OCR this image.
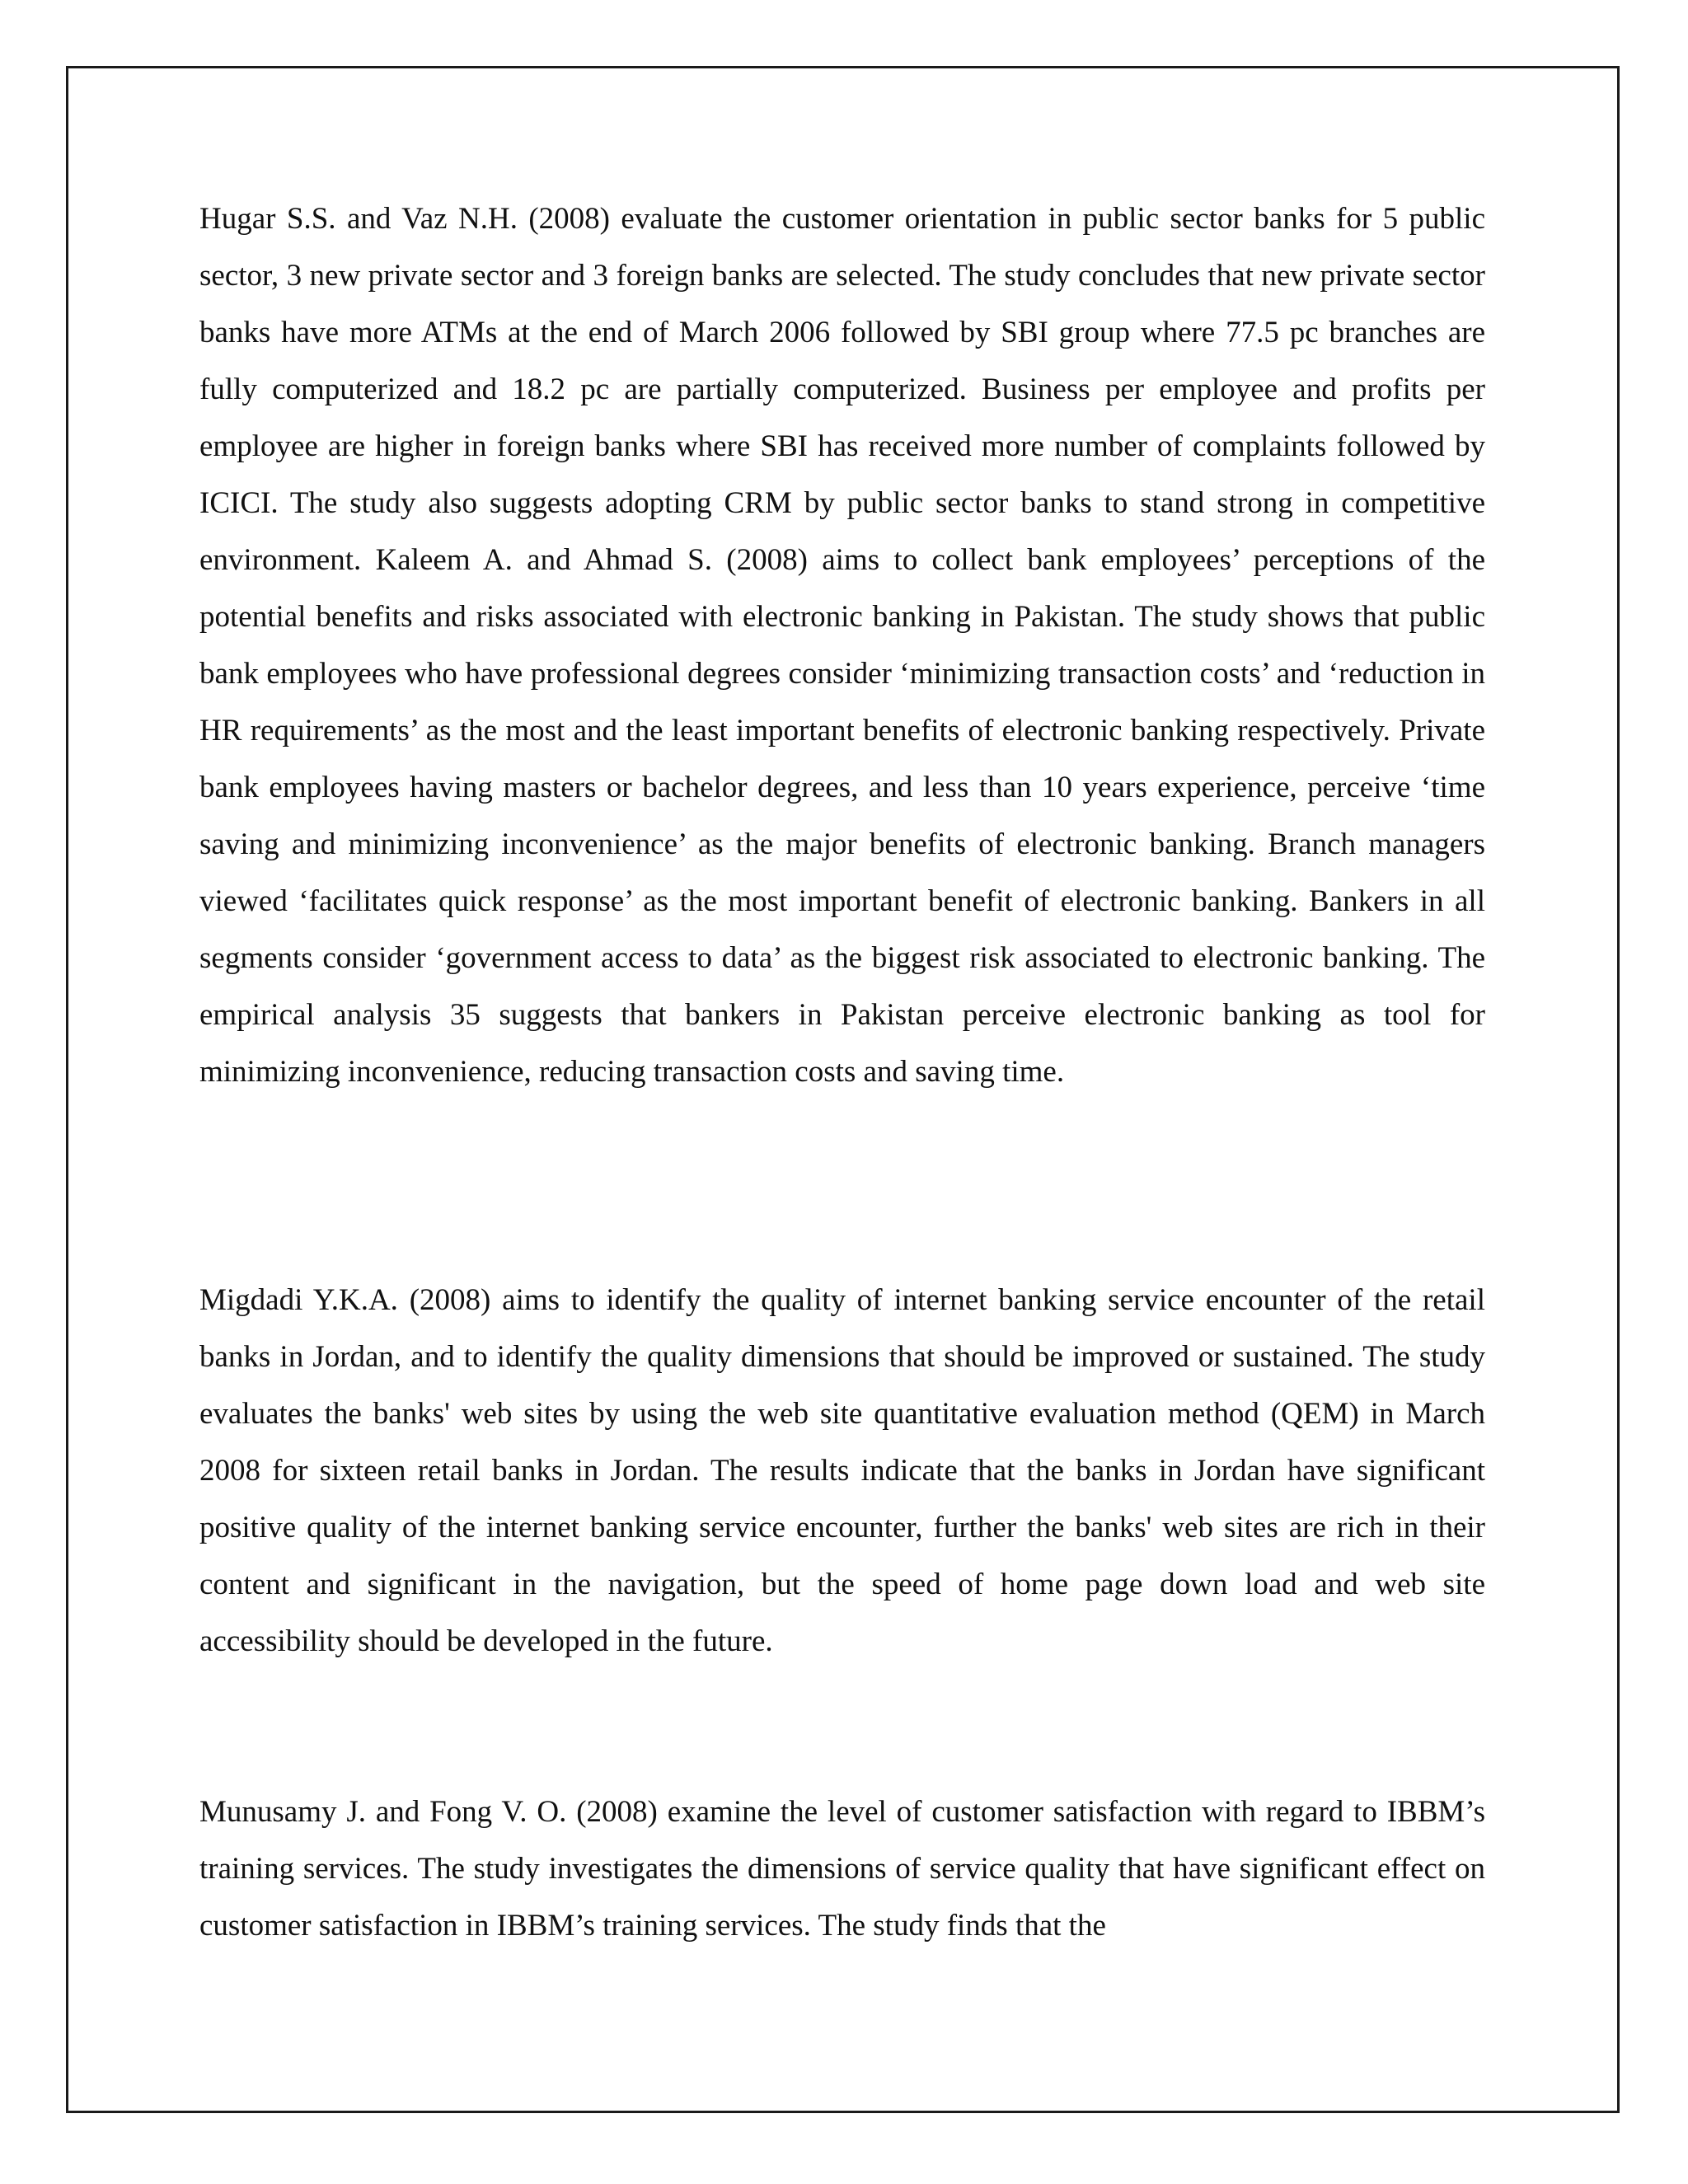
Hugar S.S. and Vaz N.H. (2008) evaluate the customer orientation in public sector banks for 5 public sector, 3 new private sector and 3 foreign banks are selected. The study concludes that new private sector banks have more ATMs at the end of March 2006 followed by SBI group where 77.5 pc branches are fully computerized and 18.2 pc are partially computerized. Business per employee and profits per employee are higher in foreign banks where SBI has received more number of complaints followed by ICICI. The study also suggests adopting CRM by public sector banks to stand strong in competitive environment. Kaleem A. and Ahmad S. (2008) aims to collect bank employees’ perceptions of the potential benefits and risks associated with electronic banking in Pakistan. The study shows that public bank employees who have professional degrees consider ‘minimizing transaction costs’ and ‘reduction in HR requirements’ as the most and the least important benefits of electronic banking respectively. Private bank employees having masters or bachelor degrees, and less than 10 years experience, perceive ‘time saving and minimizing inconvenience’ as the major benefits of electronic banking. Branch managers viewed ‘facilitates quick response’ as the most important benefit of electronic banking. Bankers in all segments consider ‘government access to data’ as the biggest risk associated to electronic banking. The empirical analysis 35 suggests that bankers in Pakistan perceive electronic banking as tool for minimizing inconvenience, reducing transaction costs and saving time.

Migdadi Y.K.A. (2008) aims to identify the quality of internet banking service encounter of the retail banks in Jordan, and to identify the quality dimensions that should be improved or sustained. The study evaluates the banks' web sites by using the web site quantitative evaluation method (QEM) in March 2008 for sixteen retail banks in Jordan. The results indicate that the banks in Jordan have significant positive quality of the internet banking service encounter, further the banks' web sites are rich in their content and significant in the navigation, but the speed of home page down load and web site accessibility should be developed in the future.

Munusamy J. and Fong V. O. (2008) examine the level of customer satisfaction with regard to IBBM’s training services. The study investigates the dimensions of service quality that have significant effect on customer satisfaction in IBBM’s training services. The study finds that the
